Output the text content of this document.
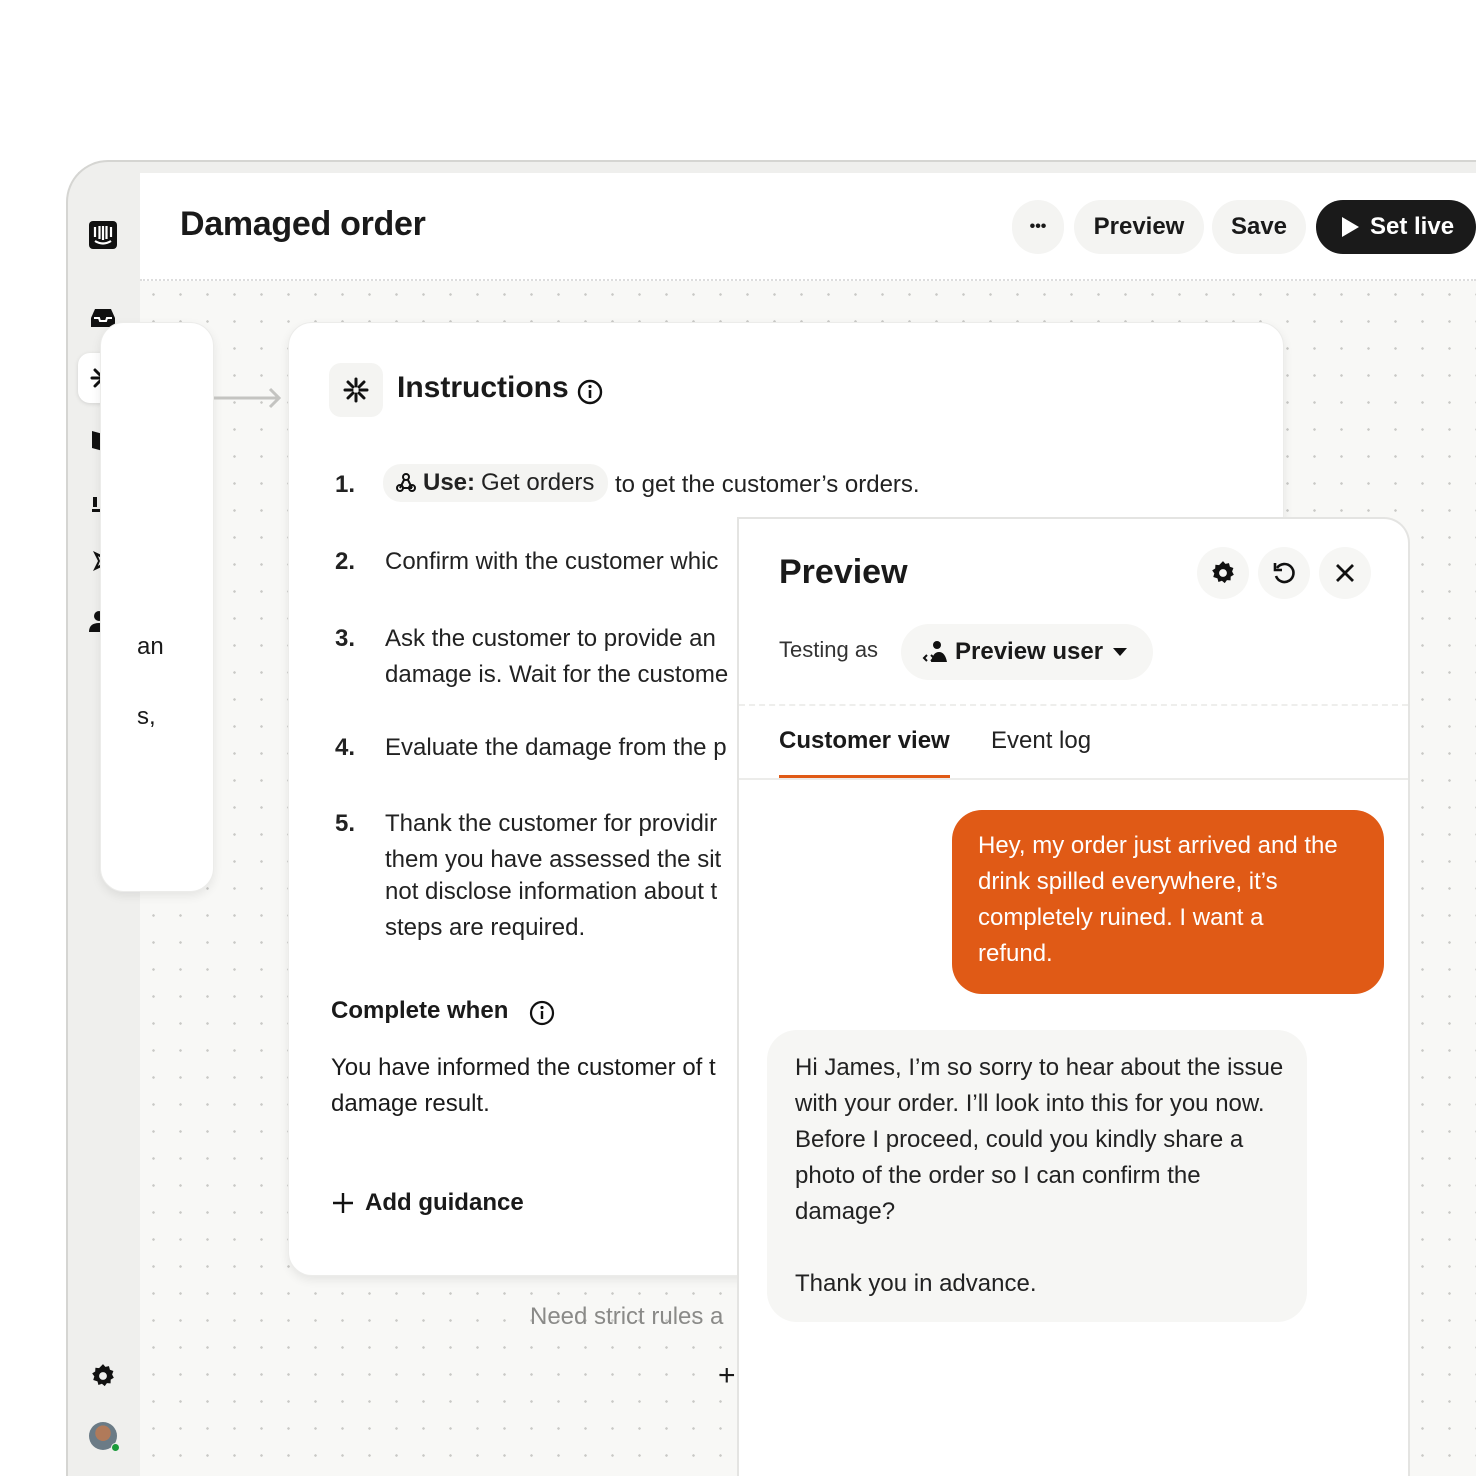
Damaged order	•••	Preview	Save	Set live
an
s,
Instructions
1.	Use: Get orders to get the customer’s orders.
2. Confirm with the customer whic
3. Ask the customer to provide an
damage is. Wait for the custome
4. Evaluate the damage from the p
5. Thank the customer for providir
them you have assessed the sit
not disclose information about t
steps are required.
Complete when
You have informed the customer of t
damage result.
Add guidance
Need strict rules a
+
Preview
Testing as	Preview user
Customer view Event log
Hey, my order just arrived and the
drink spilled everywhere, it’s
completely ruined. I want a
refund.
Hi James, I’m so sorry to hear about the issue
with your order. I’ll look into this for you now.
Before I proceed, could you kindly share a
photo of the order so I can confirm the
damage?
Thank you in advance.
